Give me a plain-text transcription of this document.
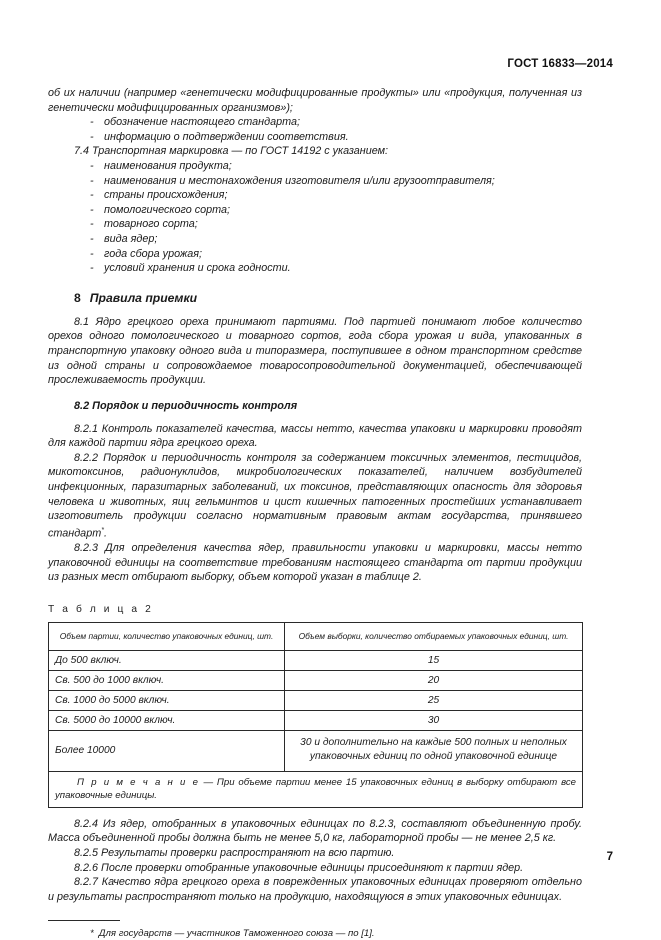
ГОСТ 16833—2014

об их наличии (например «генетически модифицированные продукты» или «продукция, полученная из генетически модифицированных организмов»);

- обозначение настоящего стандарта;
- информацию о подтверждении соответствия.

7.4 Транспортная маркировка — по ГОСТ 14192 с указанием:

- наименования продукта;
- наименования и местонахождения изготовителя и/или грузоотправителя;
- страны происхождения;
- помологического сорта;
- товарного сорта;
- вида ядер;
- года сбора урожая;
- условий хранения и срока годности.
8 Правила приемки

8.1 Ядро грецкого ореха принимают партиями. Под партией понимают любое количество орехов одного помологического и товарного сортов, года сбора урожая и вида, упакованных в транспортную упаковку одного вида и типоразмера, поступившее в одном транспортном средстве из одной страны и сопровождаемое товаросопроводительной документацией, обеспечивающей прослеживаемость продукции.

8.2 Порядок и периодичность контроля

8.2.1 Контроль показателей качества, массы нетто, качества упаковки и маркировки проводят для каждой партии ядра грецкого ореха.

8.2.2 Порядок и периодичность контроля за содержанием токсичных элементов, пестицидов, микотоксинов, радионуклидов, микробиологических показателей, наличием возбудителей инфекционных, паразитарных заболеваний, их токсинов, представляющих опасность для здоровья человека и животных, яиц гельминтов и цист кишечных патогенных простейших устанавливает изготовитель продукции согласно нормативным правовым актам государства, принявшего стандарт*.

8.2.3 Для определения качества ядер, правильности упаковки и маркировки, массы нетто упаковочной единицы на соответствие требованиям настоящего стандарта от партии продукции из разных мест отбирают выборку, объем которой указан в таблице 2.

Т а б л и ц а 2
Объем партии, количество упаковочных единиц, шт.	Объем выборки, количество отбираемых упаковочных единиц, шт.
До 500 включ.	15
Св. 500 до 1000 включ.	20
Св. 1000 до 5000 включ.	25
Св. 5000 до 10000 включ.	30
Более 10000	30 и дополнительно на каждые 500 полных и неполных упаковочных единиц по одной упаковочной единице
П р и м е ч а н и е — При объеме партии менее 15 упаковочных единиц в выборку отбирают все упаковочные единицы.	

8.2.4 Из ядер, отобранных в упаковочных единицах по 8.2.3, составляют объединенную пробу. Масса объединенной пробы должна быть не менее 5,0 кг, лабораторной пробы — не менее 2,5 кг.

8.2.5 Результаты проверки распространяют на всю партию.

8.2.6 После проверки отобранные упаковочные единицы присоединяют к партии ядер.

8.2.7 Качество ядра грецкого ореха в поврежденных упаковочных единицах проверяют отдельно и результаты распространяют только на продукцию, находящуюся в этих упаковочных единицах.

* Для государств — участников Таможенного союза — по [1].
7
